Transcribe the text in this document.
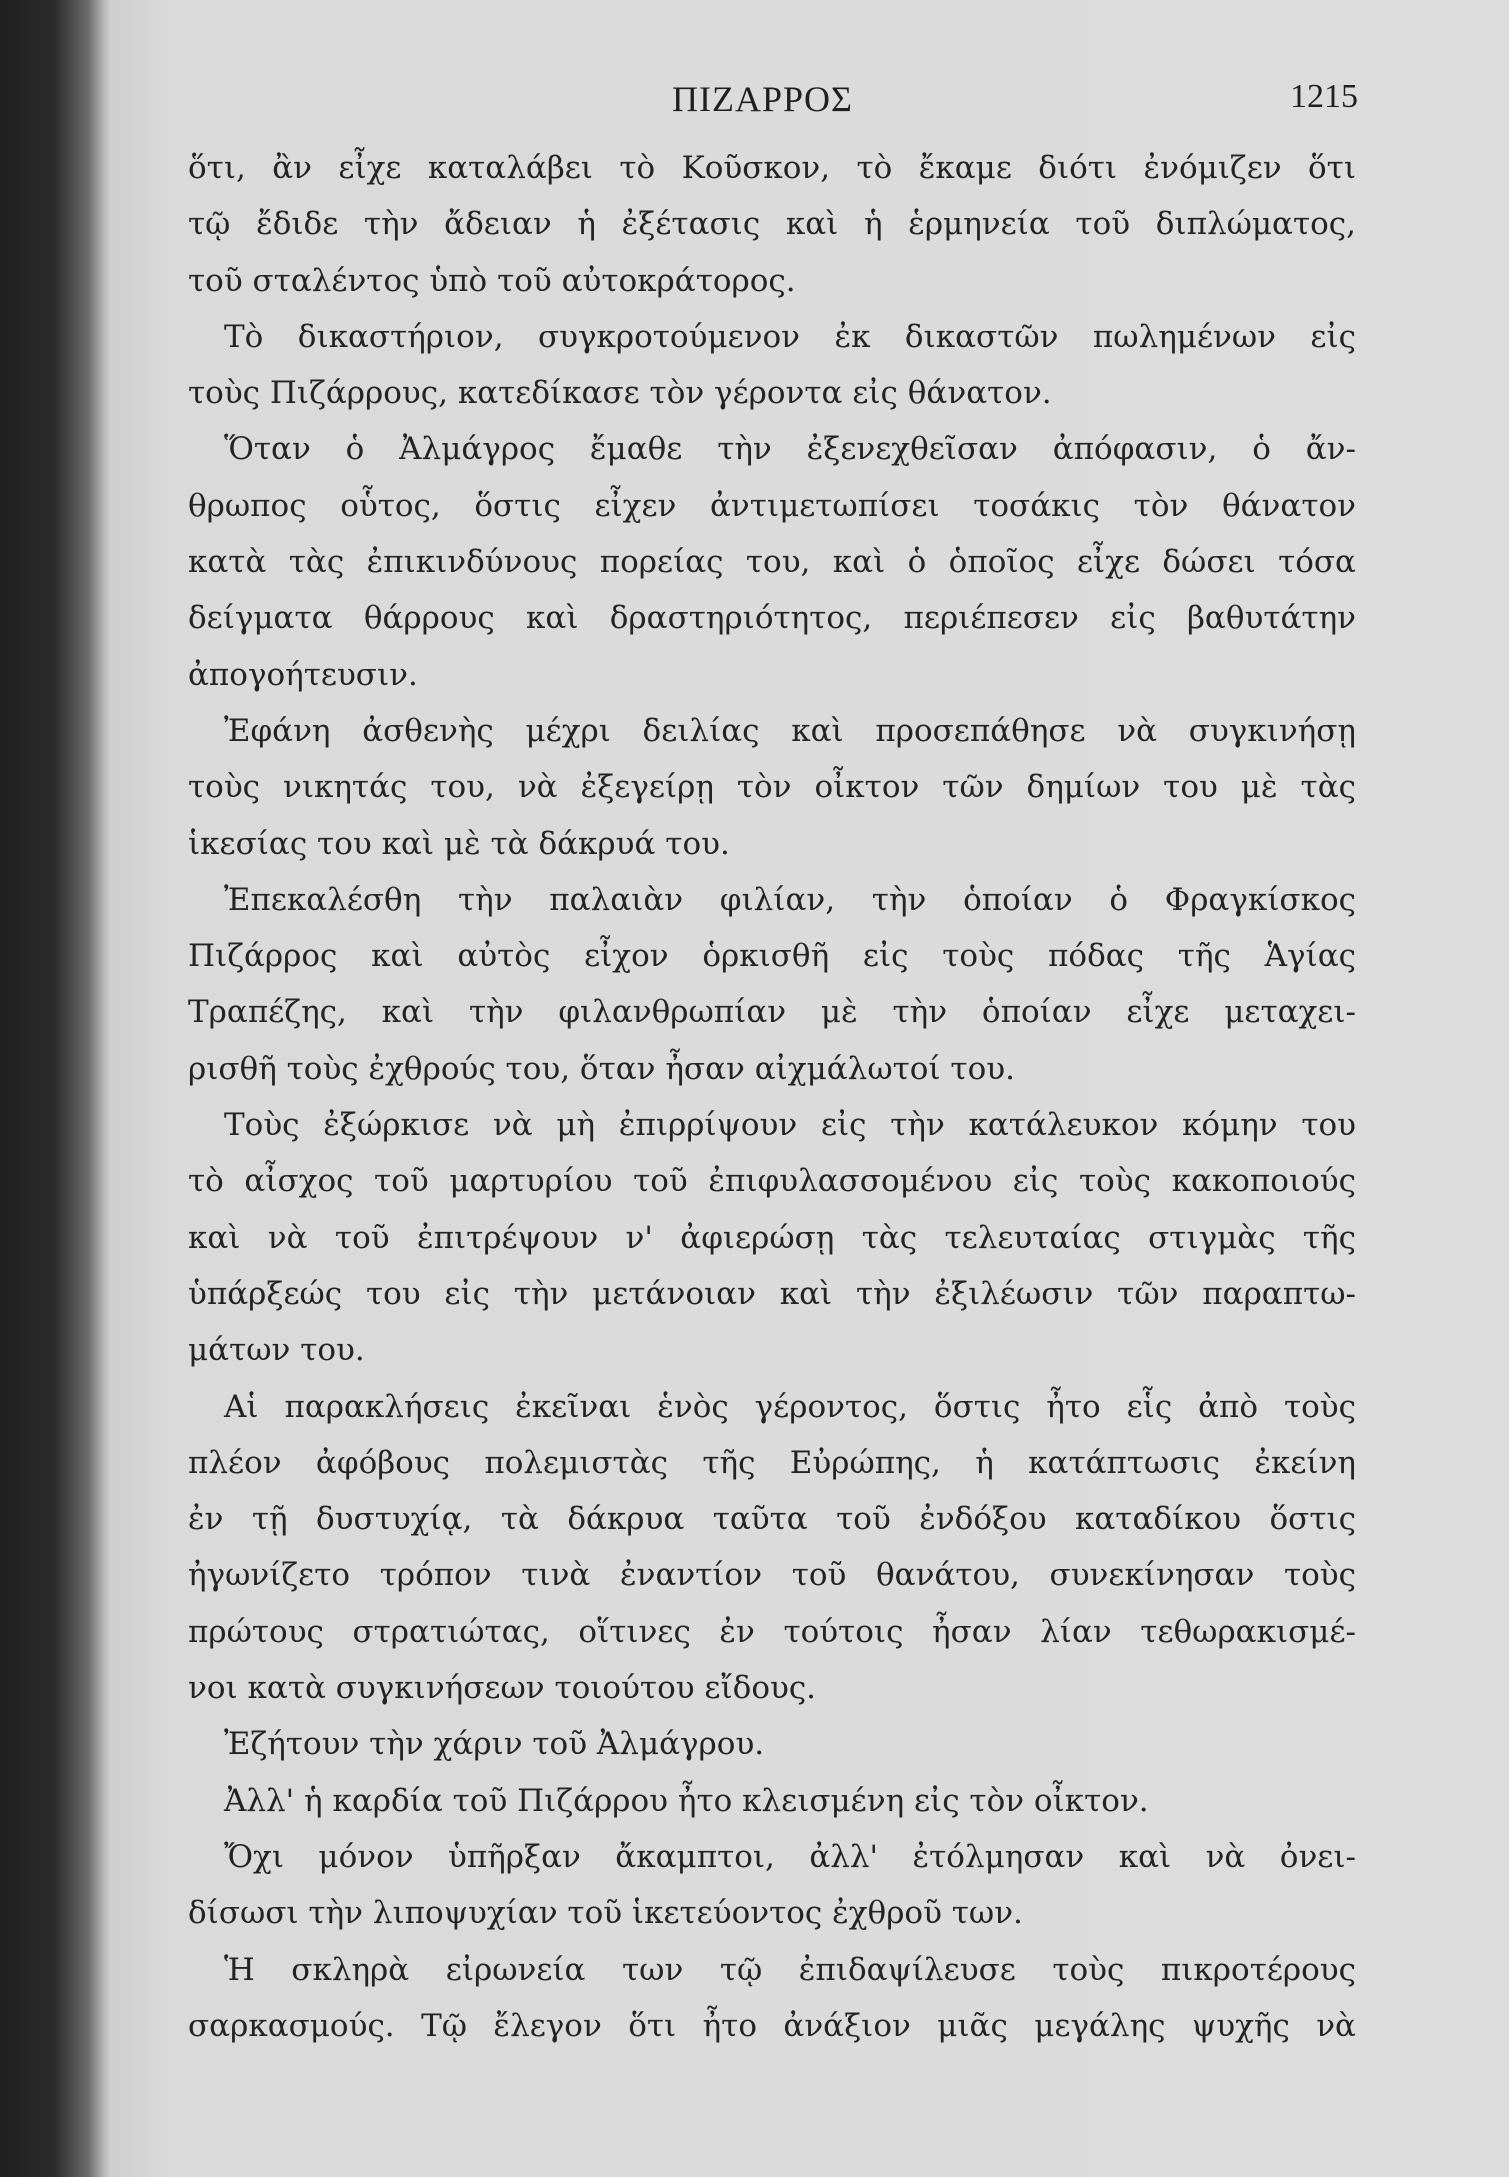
ΠΙΖΑΡΡΟΣ	1215
ὅτι, ἂν εἶχε καταλάβει τὸ Κοῦσκον, τὸ ἔκαμε διότι ἐνόμιζεν ὅτι
τῷ ἔδιδε τὴν ἄδειαν ἡ ἐξέτασις καὶ ἡ ἑρμηνεία τοῦ διπλώματος,
τοῦ σταλέντος ὑπὸ τοῦ αὐτοκράτορος.
Τὸ δικαστήριον, συγκροτούμενον ἐκ δικαστῶν πωλημένων εἰς
τοὺς Πιζάρρους, κατεδίκασε τὸν γέροντα εἰς θάνατον.
Ὅταν ὁ Ἀλμάγρος ἔμαθε τὴν ἐξενεχθεῖσαν ἀπόφασιν, ὁ ἄν-
θρωπος οὗτος, ὅστις εἶχεν ἀντιμετωπίσει τοσάκις τὸν θάνατον
κατὰ τὰς ἐπικινδύνους πορείας του, καὶ ὁ ὁποῖος εἶχε δώσει τόσα
δείγματα θάρρους καὶ δραστηριότητος, περιέπεσεν εἰς βαθυτάτην
ἀπογοήτευσιν.
Ἐφάνη ἀσθενὴς μέχρι δειλίας καὶ προσεπάθησε νὰ συγκινήσῃ
τοὺς νικητάς του, νὰ ἐξεγείρῃ τὸν οἶκτον τῶν δημίων του μὲ τὰς
ἱκεσίας του καὶ μὲ τὰ δάκρυά του.
Ἐπεκαλέσθη τὴν παλαιὰν φιλίαν, τὴν ὁποίαν ὁ Φραγκίσκος
Πιζάρρος καὶ αὐτὸς εἶχον ὁρκισθῆ εἰς τοὺς πόδας τῆς Ἁγίας
Τραπέζης, καὶ τὴν φιλανθρωπίαν μὲ τὴν ὁποίαν εἶχε μεταχει-
ρισθῆ τοὺς ἐχθρούς του, ὅταν ἦσαν αἰχμάλωτοί του.
Τοὺς ἐξώρκισε νὰ μὴ ἐπιρρίψουν εἰς τὴν κατάλευκον κόμην του
τὸ αἶσχος τοῦ μαρτυρίου τοῦ ἐπιφυλασσομένου εἰς τοὺς κακοποιούς
καὶ νὰ τοῦ ἐπιτρέψουν ν' ἀφιερώσῃ τὰς τελευταίας στιγμὰς τῆς
ὑπάρξεώς του εἰς τὴν μετάνοιαν καὶ τὴν ἐξιλέωσιν τῶν παραπτω-
μάτων του.
Αἱ παρακλήσεις ἐκεῖναι ἑνὸς γέροντος, ὅστις ἦτο εἷς ἀπὸ τοὺς
πλέον ἀφόβους πολεμιστὰς τῆς Εὐρώπης, ἡ κατάπτωσις ἐκείνη
ἐν τῇ δυστυχίᾳ, τὰ δάκρυα ταῦτα τοῦ ἐνδόξου καταδίκου ὅστις
ἠγωνίζετο τρόπον τινὰ ἐναντίον τοῦ θανάτου, συνεκίνησαν τοὺς
πρώτους στρατιώτας, οἵτινες ἐν τούτοις ἦσαν λίαν τεθωρακισμέ-
νοι κατὰ συγκινήσεων τοιούτου εἴδους.
Ἐζήτουν τὴν χάριν τοῦ Ἀλμάγρου.
Ἀλλ' ἡ καρδία τοῦ Πιζάρρου ἦτο κλεισμένη εἰς τὸν οἶκτον.
Ὄχι μόνον ὑπῆρξαν ἄκαμπτοι, ἀλλ' ἐτόλμησαν καὶ νὰ ὀνει-
δίσωσι τὴν λιποψυχίαν τοῦ ἱκετεύοντος ἐχθροῦ των.
Ἡ σκληρὰ εἰρωνεία των τῷ ἐπιδαψίλευσε τοὺς πικροτέρους
σαρκασμούς. Τῷ ἔλεγον ὅτι ἦτο ἀνάξιον μιᾶς μεγάλης ψυχῆς νὰ
